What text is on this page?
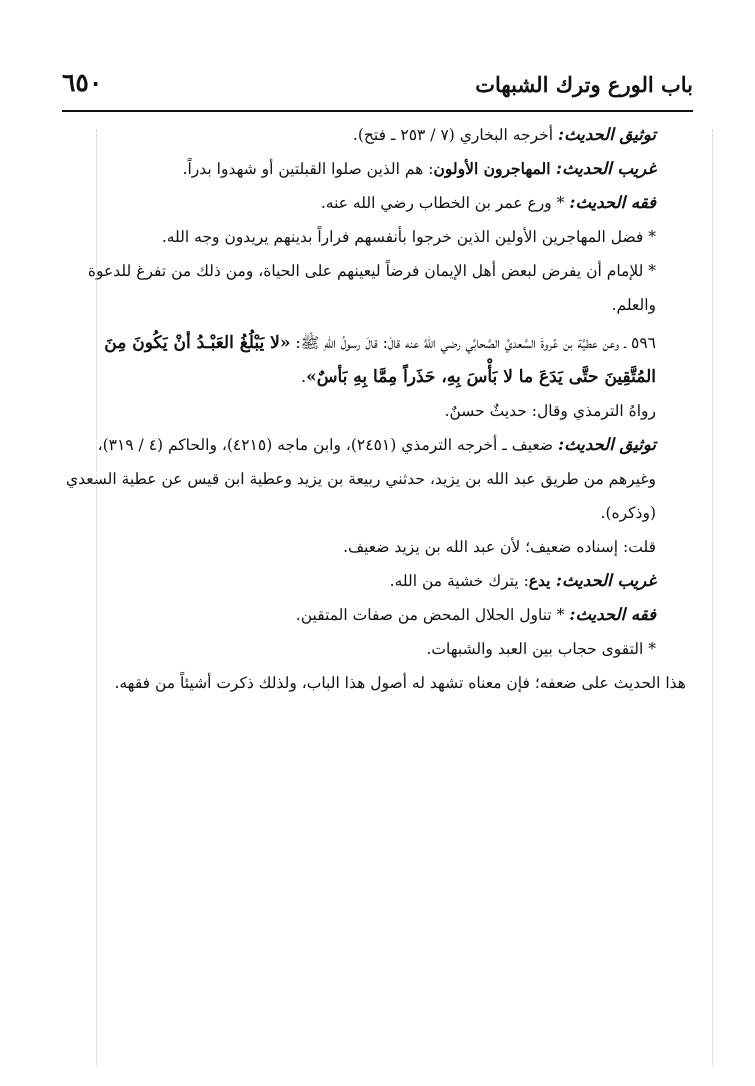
باب الورع وترك الشبهات
٦٥٠

توثيق الحديث: أخرجه البخاري (٧ / ٢٥٣ ـ فتح).

غريب الحديث: المهاجرون الأولون: هم الذين صلوا القبلتين أو شهدوا بدراً.

فقه الحديث: * ورع عمر بن الخطاب رضي الله عنه.

* فضل المهاجرين الأولين الذين خرجوا بأنفسهم فراراً بدينهم يريدون وجه الله.

* للإمام أن يفرض لبعض أهل الإيمان فرضاً ليعينهم على الحياة، ومن ذلك من تفرغ للدعوة والعلم.

٥٩٦ ـ وعن عطيَّة بن عُروةَ السَّعديِّ الصَّحابِّي رضي اللهُ عنه قالَ: قالَ رسولُ اللهِ ﷺ: «لا يَبْلُغُ العَبْـدُ أنْ يَكُونَ مِنَ المُتَّقِينَ حتَّى يَدَعَ ما لا بَأْسَ بِهِ، حَذَراً مِمَّا بِهِ بَأسٌ».

رواهُ الترمذي وقال: حديثٌ حسنٌ.

توثيق الحديث: ضعيف ـ أخرجه الترمذي (٢٤٥١)، وابن ماجه (٤٢١٥)، والحاكم (٤ / ٣١٩)، وغيرهم من طريق عبد الله بن يزيد، حدثني ربيعة بن يزيد وعطية ابن قيس عن عطية السعدي (وذكره).

قلت: إسناده ضعيف؛ لأن عبد الله بن يزيد ضعيف.

غريب الحديث: يدع: يترك خشية من الله.

فقه الحديث: * تناول الحلال المحض من صفات المتقين.

* التقوى حجاب بين العبد والشبهات.

هذا الحديث على ضعفه؛ فإن معناه تشهد له أصول هذا الباب، ولذلك ذكرت أشيئاً من فقهه.
